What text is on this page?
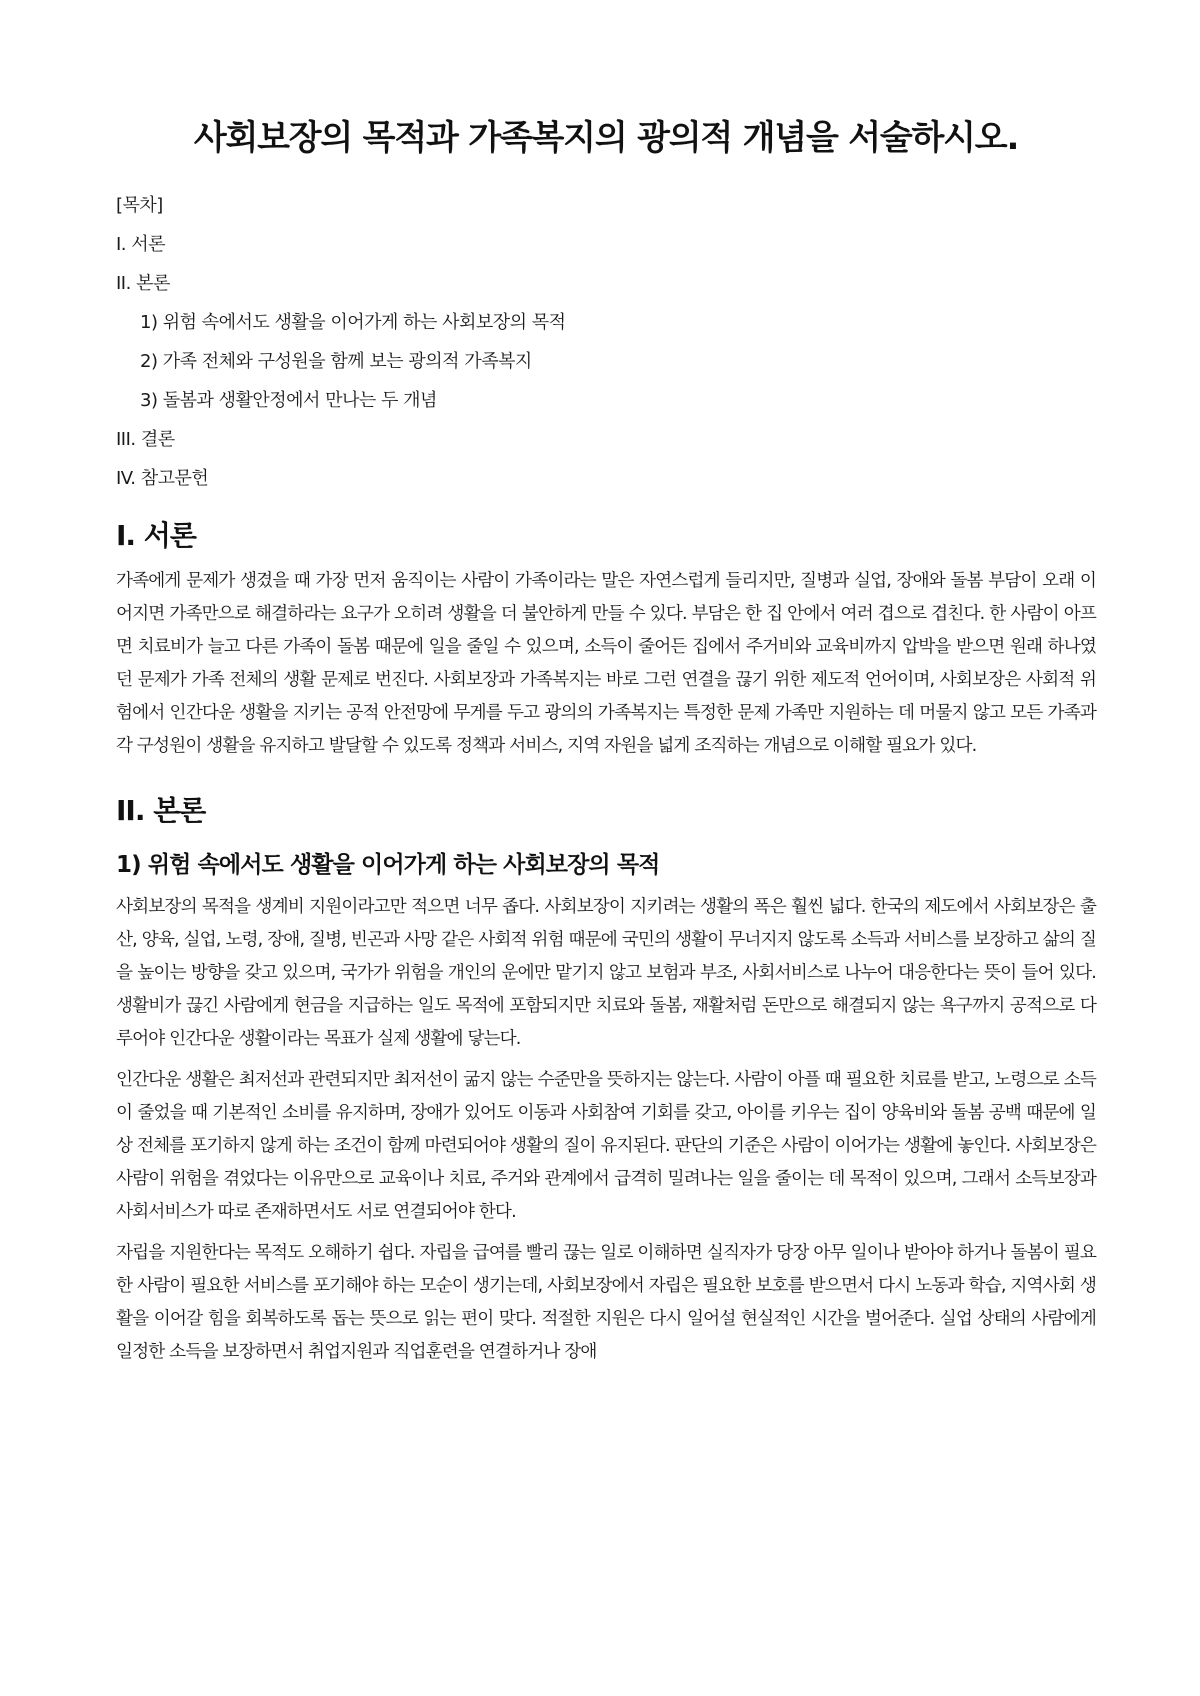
사회보장의 목적과 가족복지의 광의적 개념을 서술하시오.

[목차]

I. 서론

II. 본론

1) 위험 속에서도 생활을 이어가게 하는 사회보장의 목적

2) 가족 전체와 구성원을 함께 보는 광의적 가족복지

3) 돌봄과 생활안정에서 만나는 두 개념

III. 결론

IV. 참고문헌

I. 서론

가족에게 문제가 생겼을 때 가장 먼저 움직이는 사람이 가족이라는 말은 자연스럽게 들리지만, 질병과 실업, 장애와 돌봄 부담이 오래 이어지면 가족만으로 해결하라는 요구가 오히려 생활을 더 불안하게 만들 수 있다. 부담은 한 집 안에서 여러 겹으로 겹친다. 한 사람이 아프면 치료비가 늘고 다른 가족이 돌봄 때문에 일을 줄일 수 있으며, 소득이 줄어든 집에서 주거비와 교육비까지 압박을 받으면 원래 하나였던 문제가 가족 전체의 생활 문제로 번진다. 사회보장과 가족복지는 바로 그런 연결을 끊기 위한 제도적 언어이며, 사회보장은 사회적 위험에서 인간다운 생활을 지키는 공적 안전망에 무게를 두고 광의의 가족복지는 특정한 문제 가족만 지원하는 데 머물지 않고 모든 가족과 각 구성원이 생활을 유지하고 발달할 수 있도록 정책과 서비스, 지역 자원을 넓게 조직하는 개념으로 이해할 필요가 있다.

II. 본론
1) 위험 속에서도 생활을 이어가게 하는 사회보장의 목적

사회보장의 목적을 생계비 지원이라고만 적으면 너무 좁다. 사회보장이 지키려는 생활의 폭은 훨씬 넓다. 한국의 제도에서 사회보장은 출산, 양육, 실업, 노령, 장애, 질병, 빈곤과 사망 같은 사회적 위험 때문에 국민의 생활이 무너지지 않도록 소득과 서비스를 보장하고 삶의 질을 높이는 방향을 갖고 있으며, 국가가 위험을 개인의 운에만 맡기지 않고 보험과 부조, 사회서비스로 나누어 대응한다는 뜻이 들어 있다. 생활비가 끊긴 사람에게 현금을 지급하는 일도 목적에 포함되지만 치료와 돌봄, 재활처럼 돈만으로 해결되지 않는 욕구까지 공적으로 다루어야 인간다운 생활이라는 목표가 실제 생활에 닿는다.

인간다운 생활은 최저선과 관련되지만 최저선이 굶지 않는 수준만을 뜻하지는 않는다. 사람이 아플 때 필요한 치료를 받고, 노령으로 소득이 줄었을 때 기본적인 소비를 유지하며, 장애가 있어도 이동과 사회참여 기회를 갖고, 아이를 키우는 집이 양육비와 돌봄 공백 때문에 일상 전체를 포기하지 않게 하는 조건이 함께 마련되어야 생활의 질이 유지된다. 판단의 기준은 사람이 이어가는 생활에 놓인다. 사회보장은 사람이 위험을 겪었다는 이유만으로 교육이나 치료, 주거와 관계에서 급격히 밀려나는 일을 줄이는 데 목적이 있으며, 그래서 소득보장과 사회서비스가 따로 존재하면서도 서로 연결되어야 한다.

자립을 지원한다는 목적도 오해하기 쉽다. 자립을 급여를 빨리 끊는 일로 이해하면 실직자가 당장 아무 일이나 받아야 하거나 돌봄이 필요한 사람이 필요한 서비스를 포기해야 하는 모순이 생기는데, 사회보장에서 자립은 필요한 보호를 받으면서 다시 노동과 학습, 지역사회 생활을 이어갈 힘을 회복하도록 돕는 뜻으로 읽는 편이 맞다. 적절한 지원은 다시 일어설 현실적인 시간을 벌어준다. 실업 상태의 사람에게 일정한 소득을 보장하면서 취업지원과 직업훈련을 연결하거나 장애
